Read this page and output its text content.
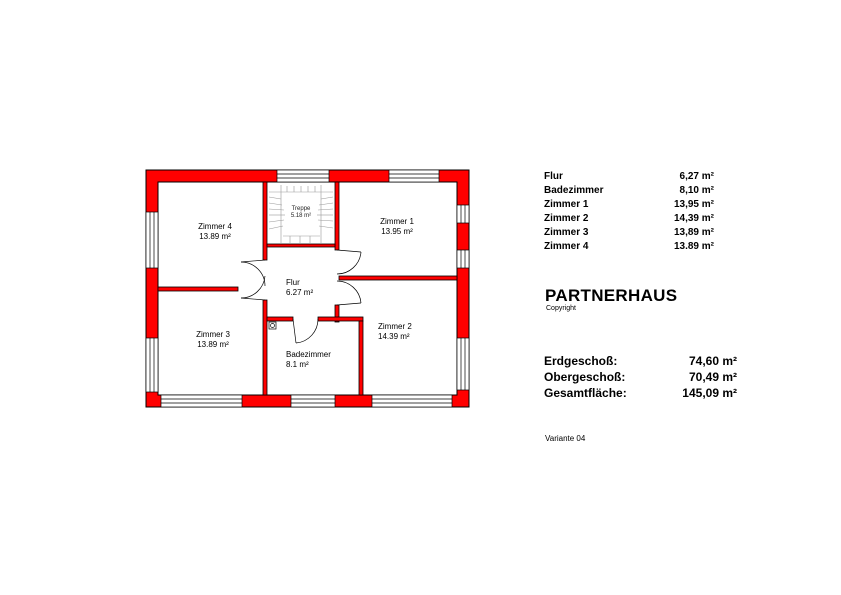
Zimmer 4
13.89 m²
Treppe
5.18 m²
Zimmer 1
13.95 m²
Flur
6.27 m²
Zimmer 3
13.89 m²
Badezimmer
8.1 m²
Zimmer 2
14.39 m²
Flur	6,27 m²
Badezimmer	8,10 m²
Zimmer 1	13,95 m²
Zimmer 2	14,39 m²
Zimmer 3	13,89 m²
Zimmer 4	13.89 m²
PARTNERHAUS
Copyright
Erdgeschoß:	74,60 m²
Obergeschoß:	70,49 m²
Gesamtfläche:	145,09 m²
Variante 04
